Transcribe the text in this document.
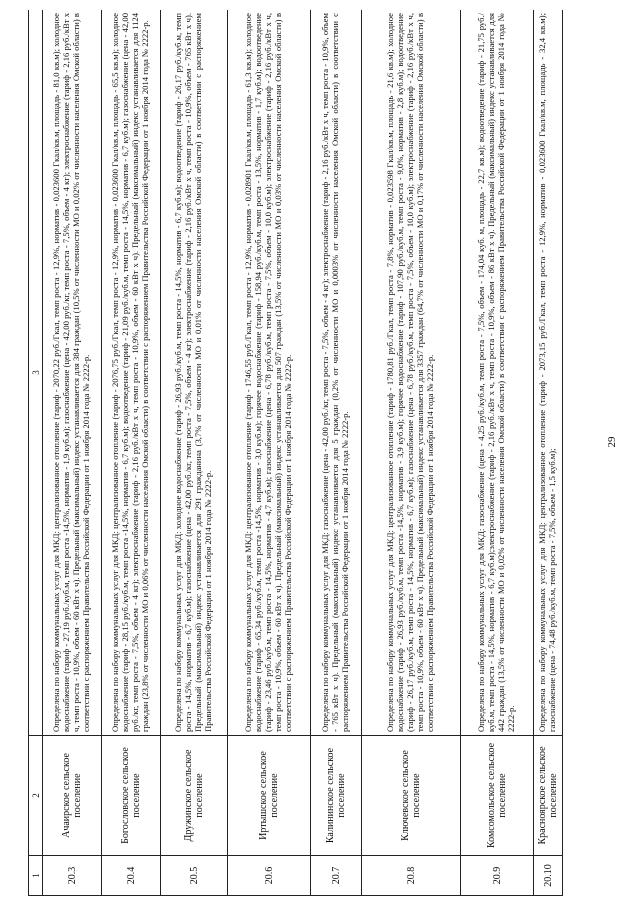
29
1	2	3
20.3	Ачаирское сельское поселение	Определена по набору коммунальных услуг для МКД: централизованное отопление (тариф - 2070,22 руб./Гкал, темп роста - 12,9%, норматив - 0,023600 Гкал/кв.м, площадь - 81,0 кв.м); холодное водоснабжение (тариф - 27,19 руб./куб.м, темп роста -14,5%, норматив - 1,9 куб.м); газоснабжение (цена - 42,00 руб./кг, темп роста - 7,5%, объем - 4 кг); электроснабжение (тариф - 2,16 руб./кВт х ч, темп роста - 10,9%, объем - 60 кВт х ч). Предельный (максимальный) индекс устанавливается для 384 граждан (10,5% от численности МО и 0,02% от численности населения Омской области) в соответствии с распоряжением Правительства Российской Федерации от 1 ноября 2014 года № 2222-р.
20.4	Богословское сельское поселение	Определена по набору коммунальных услуг для МКД: централизованное отопление (тариф - 2076,75 руб./Гкал, темп роста - 12,9%, норматив - 0,023600 Гкал/кв.м, площадь - 65,5 кв.м); холодное водоснабжение (тариф - 28,15 руб./куб.м, темп роста -14,5%, норматив - 6,7 куб.м); водоотведение (тариф - 21,09 руб./куб.м, темп роста - 14,5%, норматив - 6,7 куб.м); газоснабжение (цена - 42,00 руб./кг, темп роста - 7,5%, объем - 4 кг); электроснабжение (тариф - 2,16 руб./кВт х ч, темп роста - 10,9%, объем - 60 кВт х ч). Предельный (максимальный) индекс устанавливается для 1124 граждан (23,8% от численности МО и 0,06% от численности населения Омской области) в соответствии с распоряжением Правительства Российской Федерации от 1 ноября 2014 года № 2222-р.
20.5	Дружинское сельское поселение	Определена по набору коммунальных услуг для МКД: холодное водоснабжение (тариф - 26,93 руб./куб.м, темп роста - 14,5%, норматив - 6,7 куб.м); водоотведение (тариф - 26,17 руб./куб.м, темп роста - 14,5%, норматив - 6,7 куб.м); газоснабжение (цена - 42,00 руб./кг, темп роста - 7,5%, объем - 4 кг); электроснабжение (тариф - 2,16 руб./кВт х ч, темп роста - 10,9%, объем - 765 кВт х ч). Предельный (максимальный) индекс устанавливается для 291 гражданина (3,7% от численности МО и 0,01% от численности населения Омской области) в соответствии с распоряжением Правительства Российской Федерации от 1 ноября 2014 года № 2222-р.
20.6	Иртышское сельское поселение	Определена по набору коммунальных услуг для МКД: централизованное отопление (тариф - 1746,55 руб./Гкал, темп роста - 12,9%, норматив - 0,028901 Гкал/кв.м, площадь - 61,3 кв.м); холодное водоснабжение (тариф - 65,34 руб./куб.м, темп роста -14,5%, норматив - 3,0 куб.м); горячее водоснабжение (тариф - 158,94 руб./куб.м, темп роста - 13,5%, норматив - 1,7 куб.м); водоотведение (тариф - 23,46 руб./куб.м, темп роста - 14,5%, норматив - 4,7 куб.м); газоснабжение (цена - 6,78 руб./куб.м, темп роста - 7,5%, объем - 10,0 куб.м); электроснабжение (тариф - 2,16 руб./кВт х ч, темп роста - 10,9%, объем - 60 кВт х ч). Предельный (максимальный) индекс устанавливается для 507 граждан (13,5% от численности МО и 0,03% от численности населения Омской области) в соответствии с распоряжением Правительства Российской Федерации от 1 ноября 2014 года № 2222-р.
20.7	Калининское сельское поселение	Определена по набору коммунальных услуг для МКД: газоснабжение (цена - 42,00 руб./кг, темп роста - 7,5%, объем - 4 кг); электроснабжение (тариф - 2,16 руб./кВт х ч, темп роста - 10,9%, объем - 765 кВт х ч). Предельный (максимальный) индекс устанавливается для 5 граждан (0,2% от численности МО и 0,0003% от численности населения Омской области) в соответствии с распоряжением Правительства Российской Федерации от 1 ноября 2014 года № 2222-р.
20.8	Ключевское сельское поселение	Определена по набору коммунальных услуг для МКД: централизованное отопление (тариф - 1780,81 руб./Гкал, темп роста - 7,8%, норматив - 0,023598 Гкал/кв.м, площадь - 21,6 кв.м); холодное водоснабжение (тариф - 26,93 руб./куб.м, темп роста -14,5%, норматив - 3,9 куб.м); горячее водоснабжение (тариф - 107,90 руб./куб.м, темп роста - 9,0%, норматив - 2,8 куб.м); водоотведение (тариф - 26,17 руб./куб.м, темп роста - 14,5%, норматив - 6,7 куб.м); газоснабжение (цена - 6,78 руб./куб.м, темп роста - 7,5%, объем - 10,0 куб.м); электроснабжение (тариф - 2,16 руб./кВт х ч, темп роста - 10,9%, объем - 60 кВт х ч). Предельный (максимальный) индекс устанавливается для 3357 граждан (64,7% от численности МО и 0,17% от численности населения Омской области) в соответствии с распоряжением Правительства Российской Федерации от 1 ноября 2014 года № 2222-р.
20.9	Комсомольское сельское поселение	Определена по набору коммунальных услуг для МКД: газоснабжение (цена - 4,25 руб./куб.м, темп роста - 7,5%, объем - 174,04 куб. м, площадь - 22,7 кв.м); водоотведение (тариф - 21,75 руб./куб.м, темп роста - 14,5%, норматив - 6,7 куб.м);электроснабжение (тариф - 2,16 руб./кВт х ч, темп роста - 10,9%, объем - 86 кВт х ч). Предельный (максимальный) индекс устанавливается для 442 граждан (13,5% от численности МО и 0,02% от численности населения Омской области) в соответствии с распоряжением Правительства Российской Федерации от 1 ноября 2014 года № 2222-р.
20.10	Красноярское сельское поселение	Определена по набору коммунальных услуг для МКД: централизованное отопление (тариф - 2073,15 руб./Гкал, темп роста - 12,9%, норматив - 0,023600 Гкал/кв.м, площадь - 32,4 кв.м); газоснабжение (цена - 74,48 руб./куб.м, темп роста - 7,5%, объем - 1,5 куб.м);
